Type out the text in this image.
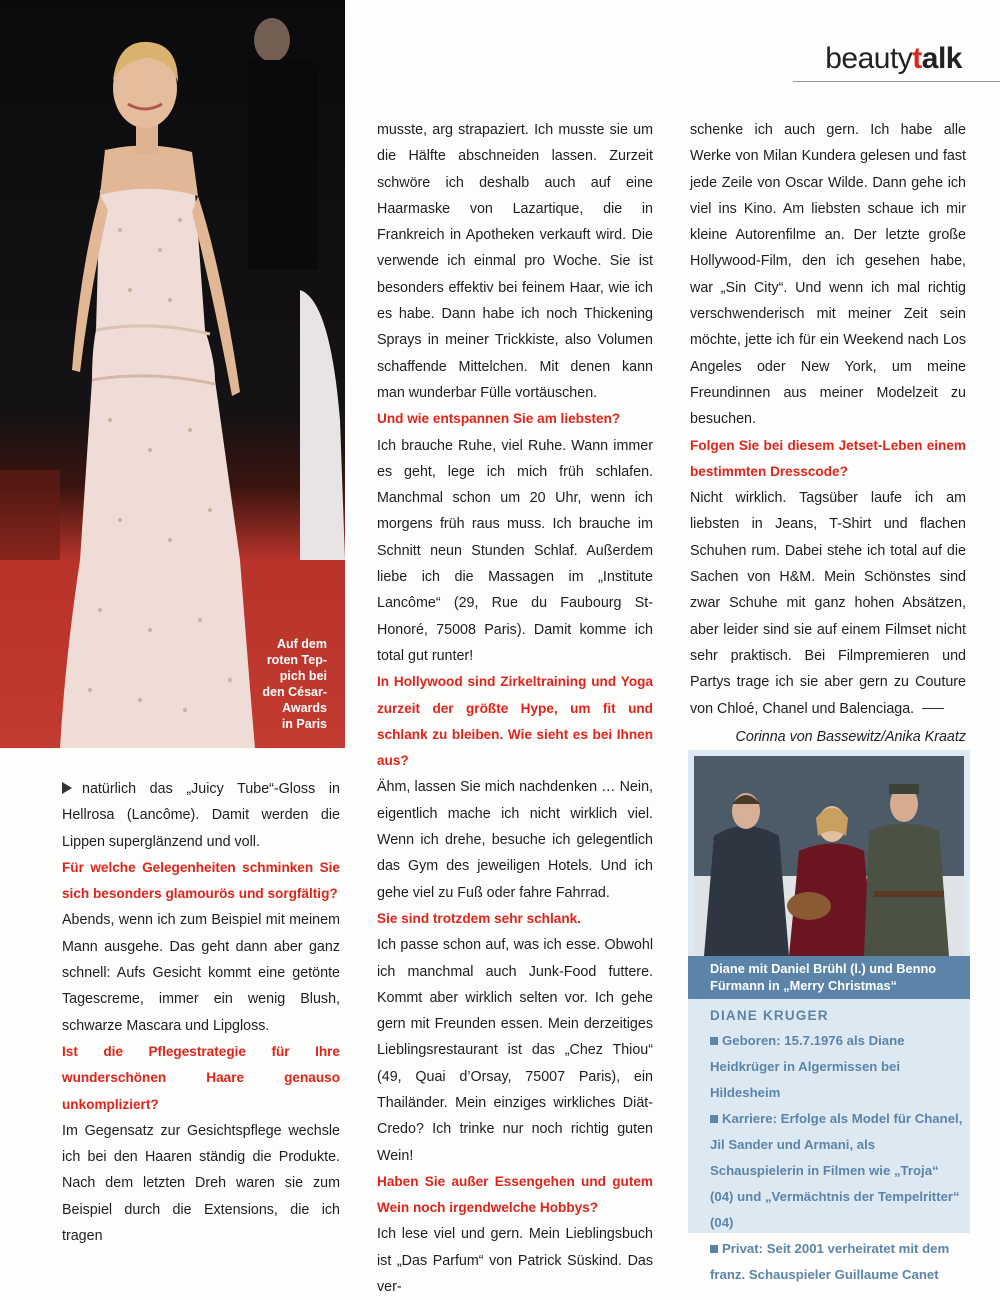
beautytalk
Auf dem
roten Tep-
pich bei
den César-
Awards
in Paris

natürlich das „Juicy Tube“-Gloss in Hellrosa (Lancôme). Damit werden die Lippen superglänzend und voll.

Für welche Gelegenheiten schminken Sie sich besonders glamourös und sorgfältig?

Abends, wenn ich zum Beispiel mit meinem Mann ausgehe. Das geht dann aber ganz schnell: Aufs Gesicht kommt eine getönte Tagescreme, immer ein wenig Blush, schwarze Mascara und Lipgloss.

Ist die Pflegestrategie für Ihre wunderschönen Haare genauso unkompliziert?

Im Gegensatz zur Gesichtspflege wechsle ich bei den Haaren ständig die Produkte. Nach dem letzten Dreh waren sie zum Beispiel durch die Extensions, die ich tragen

musste, arg strapaziert. Ich musste sie um die Hälfte abschneiden lassen. Zurzeit schwöre ich deshalb auch auf eine Haarmaske von Lazartique, die in Frankreich in Apotheken verkauft wird. Die verwende ich einmal pro Woche. Sie ist besonders effektiv bei feinem Haar, wie ich es habe. Dann habe ich noch Thickening Sprays in meiner Trickkiste, also Volumen schaffende Mittelchen. Mit denen kann man wunderbar Fülle vortäuschen.

Und wie entspannen Sie am liebsten?

Ich brauche Ruhe, viel Ruhe. Wann immer es geht, lege ich mich früh schlafen. Manchmal schon um 20 Uhr, wenn ich morgens früh raus muss. Ich brauche im Schnitt neun Stunden Schlaf. Außerdem liebe ich die Massagen im „Institute Lancôme“ (29, Rue du Faubourg St-Honoré, 75008 Paris). Damit komme ich total gut runter!

In Hollywood sind Zirkeltraining und Yoga zurzeit der größte Hype, um fit und schlank zu bleiben. Wie sieht es bei Ihnen aus?

Ähm, lassen Sie mich nachdenken … Nein, eigentlich mache ich nicht wirklich viel. Wenn ich drehe, besuche ich gelegentlich das Gym des jeweiligen Hotels. Und ich gehe viel zu Fuß oder fahre Fahrrad.

Sie sind trotzdem sehr schlank.

Ich passe schon auf, was ich esse. Obwohl ich manchmal auch Junk-Food futtere. Kommt aber wirklich selten vor. Ich gehe gern mit Freunden essen. Mein derzeitiges Lieblingsrestaurant ist das „Chez Thiou“ (49, Quai d’Orsay, 75007 Paris), ein Thailänder. Mein einziges wirkliches Diät-Credo? Ich trinke nur noch richtig guten Wein!

Haben Sie außer Essengehen und gutem Wein noch irgendwelche Hobbys?

Ich lese viel und gern. Mein Lieblingsbuch ist „Das Parfum“ von Patrick Süskind. Das ver-

schenke ich auch gern. Ich habe alle Werke von Milan Kundera gelesen und fast jede Zeile von Oscar Wilde. Dann gehe ich viel ins Kino. Am liebsten schaue ich mir kleine Autorenfilme an. Der letzte große Hollywood-Film, den ich gesehen habe, war „Sin City“. Und wenn ich mal richtig verschwenderisch mit meiner Zeit sein möchte, jette ich für ein Weekend nach Los Angeles oder New York, um meine Freundinnen aus meiner Modelzeit zu besuchen.

Folgen Sie bei diesem Jetset-Leben einem bestimmten Dresscode?

Nicht wirklich. Tagsüber laufe ich am liebsten in Jeans, T-Shirt und flachen Schuhen rum. Dabei stehe ich total auf die Sachen von H&M. Mein Schönstes sind zwar Schuhe mit ganz hohen Absätzen, aber leider sind sie auf einem Filmset nicht sehr praktisch. Bei Filmpremieren und Partys trage ich sie aber gern zu Couture von Chloé, Chanel und Balenciaga.

Corinna von Bassewitz/Anika Kraatz

Diane mit Daniel Brühl (l.) und Benno Fürmann in „Merry Christmas“
DIANE KRUGER
Geboren: 15.7.1976 als Diane Heidkrüger in Algermissen bei Hildesheim
Karriere: Erfolge als Model für Chanel, Jil Sander und Armani, als Schauspielerin in Filmen wie „Troja“ (04) und „Vermächtnis der Tempelritter“ (04)
Privat: Seit 2001 verheiratet mit dem franz. Schauspieler Guillaume Canet
